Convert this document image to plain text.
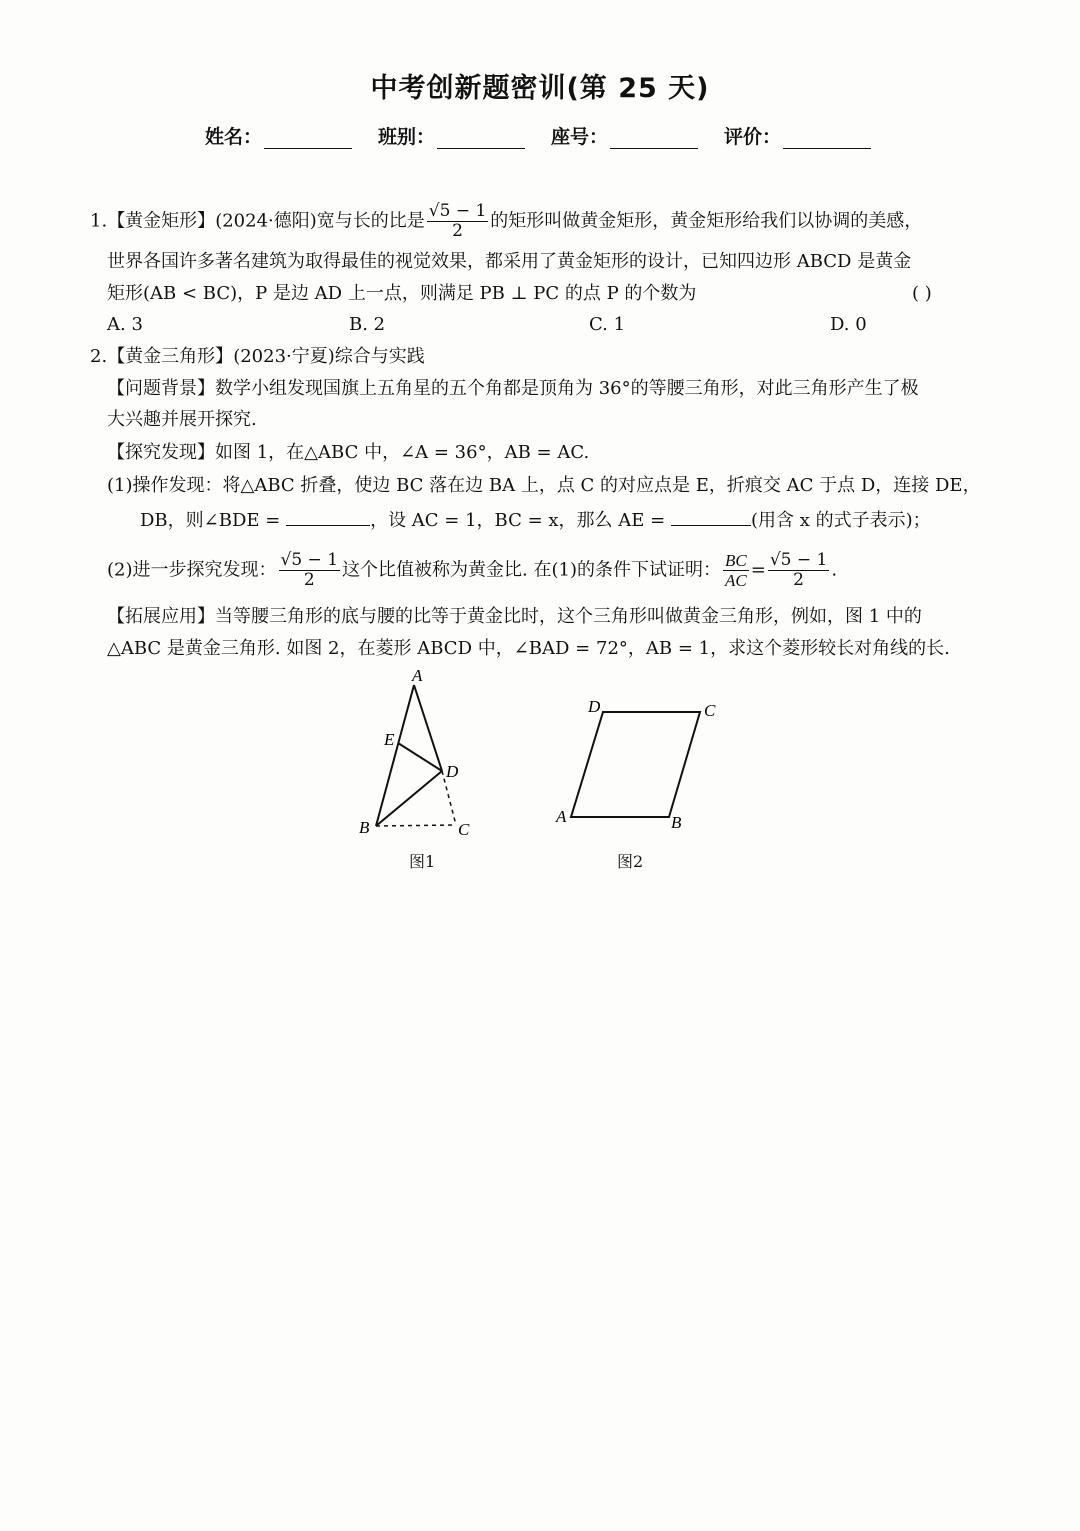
中考创新题密训(第 25 天)
姓名：	班别：	座号：	评价：
1.【黄金矩形】(2024·德阳)宽与长的比是 $\frac{√5 - 1}{2}$ 的矩形叫做黄金矩形，黄金矩形给我们以协调的美感，
世界各国许多著名建筑为取得最佳的视觉效果，都采用了黄金矩形的设计，已知四边形 ABCD 是黄金
矩形(AB < BC)，P 是边 AD 上一点，则满足 PB ⊥ PC 的点 P 的个数为	( )
A. 3	B. 2	C. 1	D. 0
2.【黄金三角形】(2023·宁夏)综合与实践
【问题背景】数学小组发现国旗上五角星的五个角都是顶角为 36°的等腰三角形，对此三角形产生了极
大兴趣并展开探究.
【探究发现】如图 1，在△ABC 中，∠A = 36°，AB = AC.
(1)操作发现：将△ABC 折叠，使边 BC 落在边 BA 上，点 C 的对应点是 E，折痕交 AC 于点 D，连接 DE，
DB，则∠BDE =	，设 AC = 1，BC = x，那么 AE =	(用含 x 的式子表示)；
(2)进一步探究发现： $\frac{√5 - 1}{2}$ 这个比值被称为黄金比. 在(1)的条件下试证明： $\frac{BC}{AC} = \frac{√5 - 1}{2}$ .
【拓展应用】当等腰三角形的底与腰的比等于黄金比时，这个三角形叫做黄金三角形，例如，图 1 中的
△ABC 是黄金三角形. 如图 2，在菱形 ABCD 中，∠BAD = 72°，AB = 1，求这个菱形较长对角线的长.
A
E
D
B	C
图1
D	C
A	B
图2
